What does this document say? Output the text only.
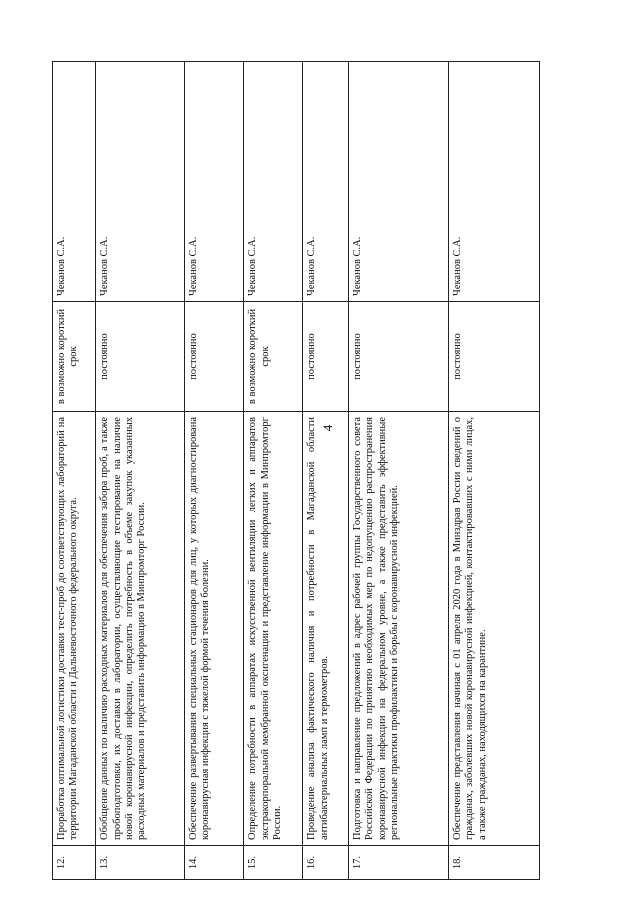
4
12.	Проработка оптимальной логистики доставки тест-проб до соответствующих лабораторий на территории Магаданской области и Дальневосточного федерального округа.	в возможно короткий срок	Чеканов С.А.
13.	Обобщение данных по наличию расходных материалов для обеспечения забора проб, а также пробоподготовки, их доставки в лаборатории, осуществляющие тестирование на наличие новой коронавирусной инфекции, определить потребность в объеме закупок указанных расходных материалов и представить информацию в Минпромторг России.	постоянно	Чеканов С.А.
14.	Обеспечение развертывания специальных стационаров для лиц, у которых диагностирована коронавирусная инфекция с тяжелой формой течения болезни.	постоянно	Чеканов С.А.
15.	Определение потребности в аппаратах искусственной вентиляции легких и аппаратов экстракорпоральной мембранной оксигенации и представление информации в Минпромторг России.	в возможно короткий срок	Чеканов С.А.
16.	Проведение анализа фактического наличия и потребности в Магаданской области антибактериальных ламп и термометров.	постоянно	Чеканов С.А.
17.	Подготовка и направление предложений в адрес рабочей группы Государственного совета Российской Федерации по принятию необходимых мер по недопущению распространения коронавирусной инфекции на федеральном уровне, а также представить эффективные региональные практики профилактики и борьбы с коронавирусной инфекцией.	постоянно	Чеканов С.А.
18.	Обеспечение представления начиная с 01 апреля 2020 года в Минздрав России сведений о гражданах, заболевших новой коронавирусной инфекцией, контактировавших с ними лицах, а также гражданах, находящихся на карантине.	постоянно	Чеканов С.А.
